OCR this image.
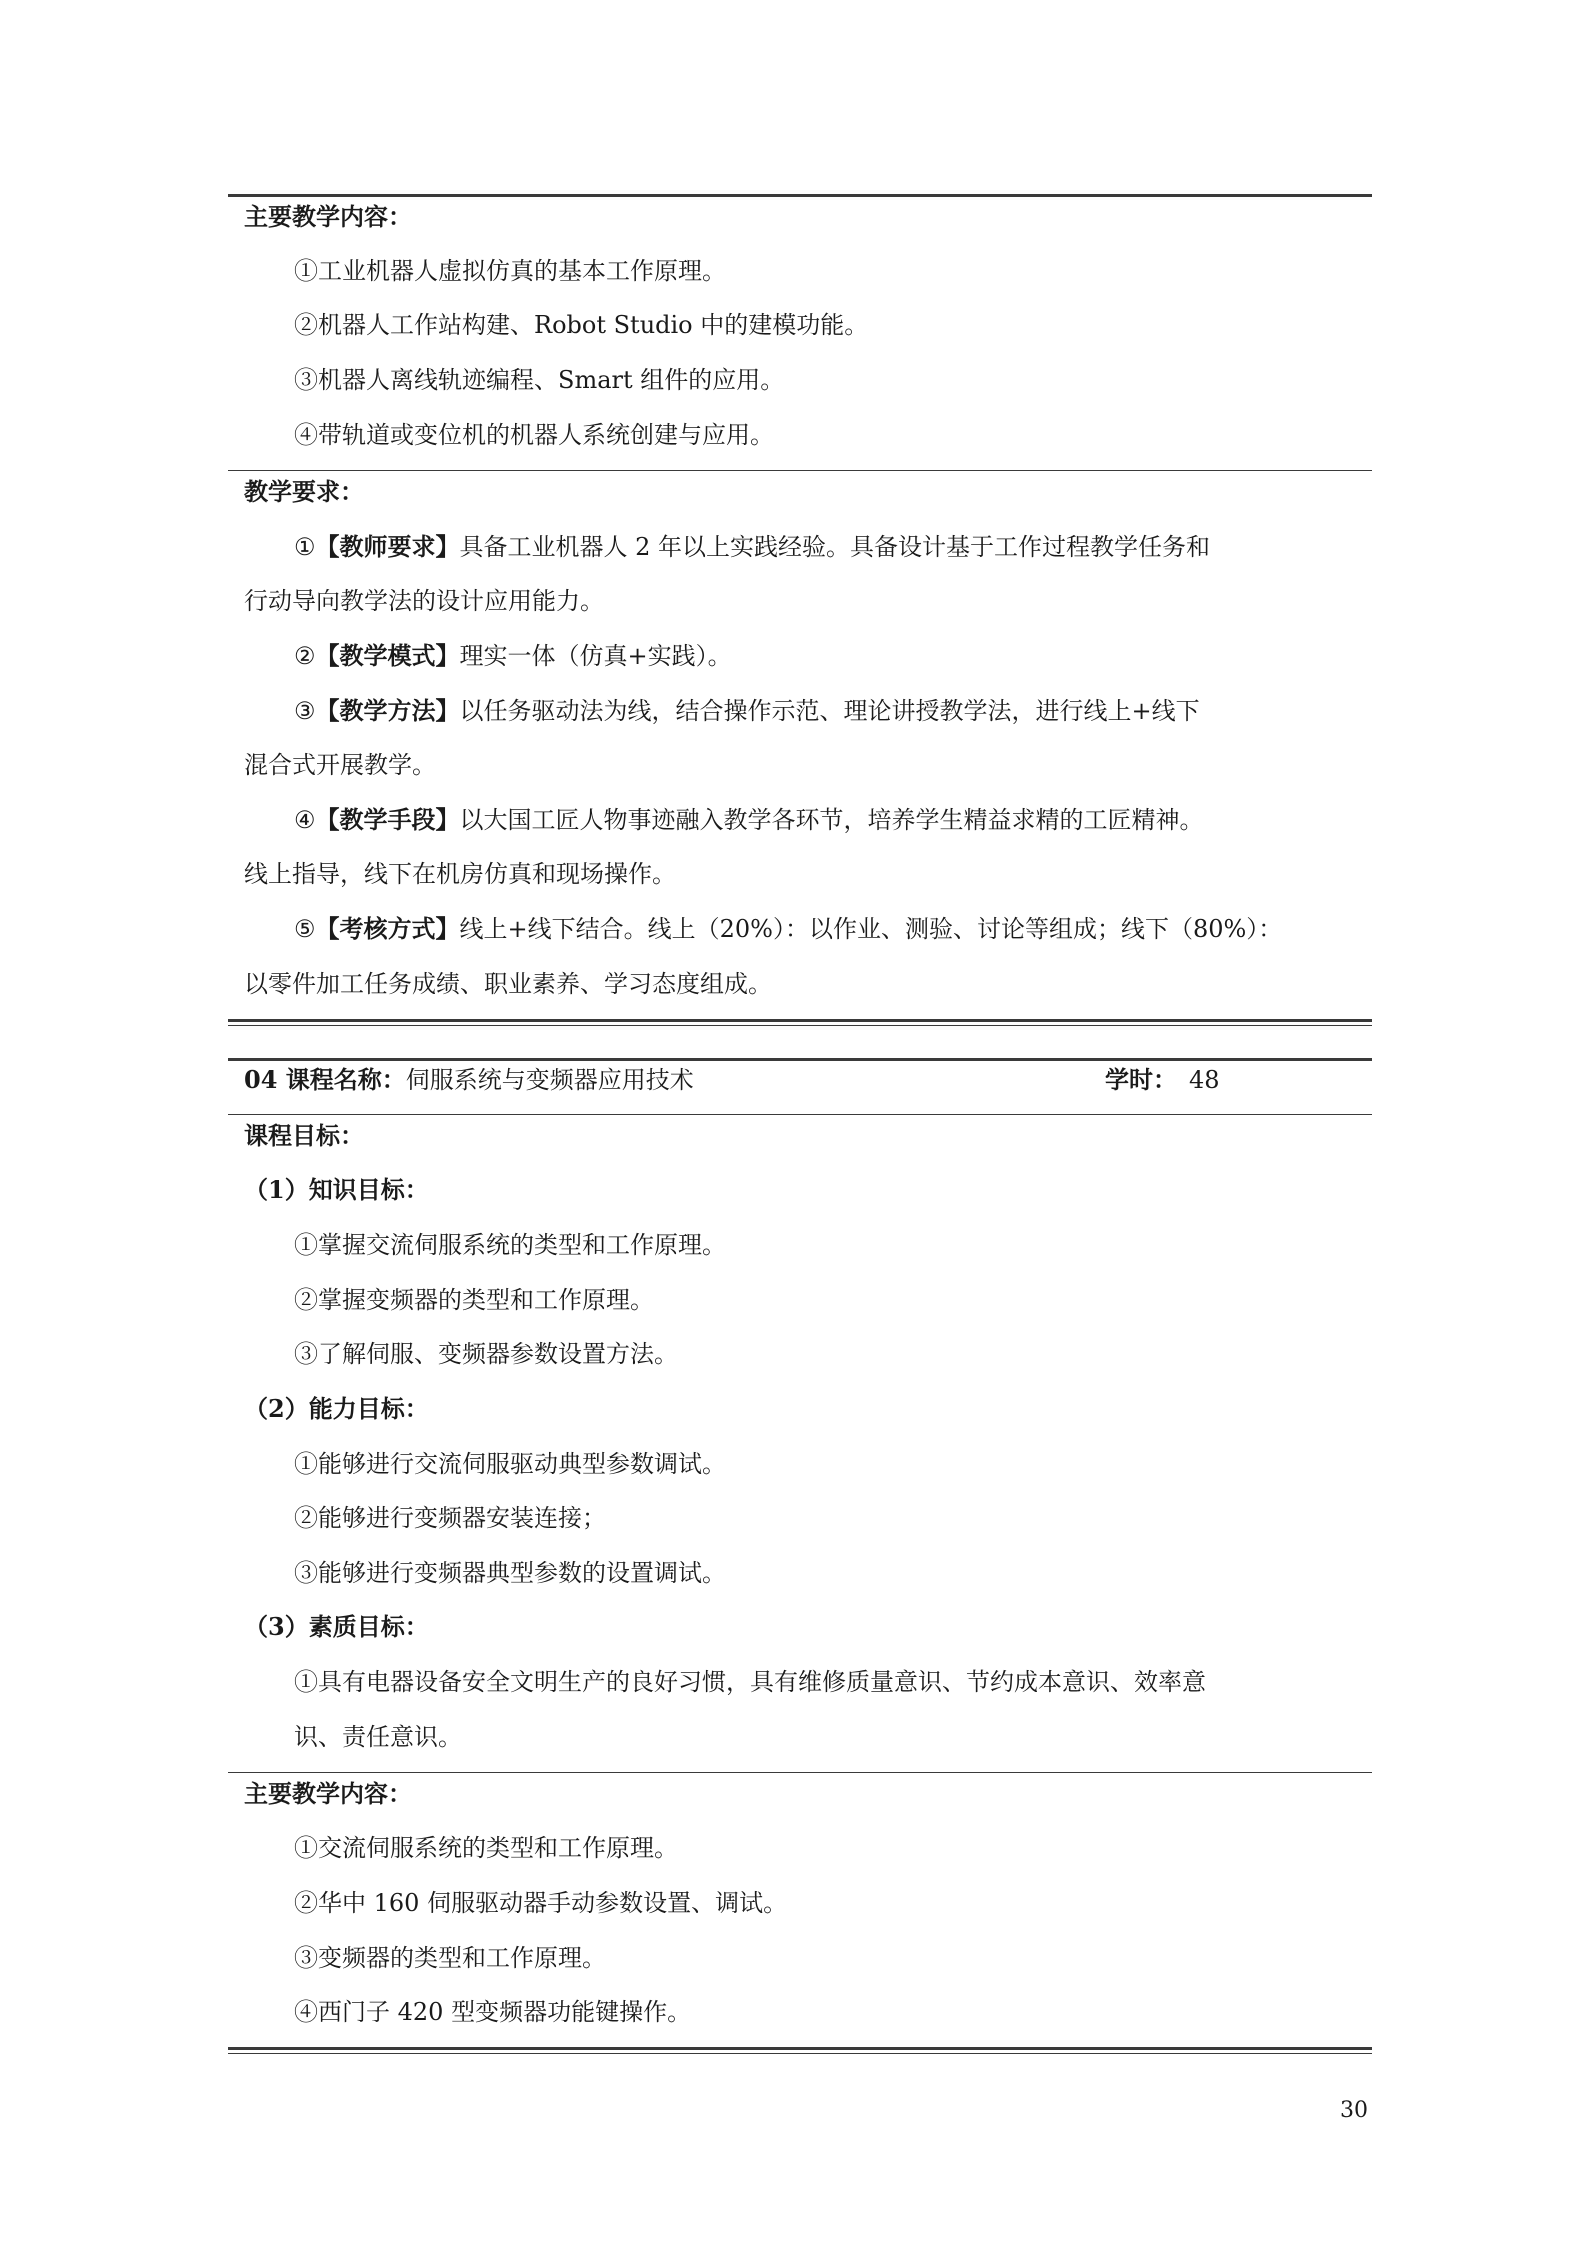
主要教学内容：
①工业机器人虚拟仿真的基本工作原理。
②机器人工作站构建、Robot Studio 中的建模功能。
③机器人离线轨迹编程、Smart 组件的应用。
④带轨道或变位机的机器人系统创建与应用。
教学要求：
①【教师要求】具备工业机器人 2 年以上实践经验。具备设计基于工作过程教学任务和
行动导向教学法的设计应用能力。
②【教学模式】理实一体（仿真+实践）。
③【教学方法】以任务驱动法为线，结合操作示范、理论讲授教学法，进行线上+线下
混合式开展教学。
④【教学手段】以大国工匠人物事迹融入教学各环节，培养学生精益求精的工匠精神。
线上指导，线下在机房仿真和现场操作。
⑤【考核方式】线上+线下结合。线上（20%）：以作业、测验、讨论等组成；线下（80%）：
以零件加工任务成绩、职业素养、学习态度组成。
04 课程名称：伺服系统与变频器应用技术	学时： 48
课程目标：
（1）知识目标：
①掌握交流伺服系统的类型和工作原理。
②掌握变频器的类型和工作原理。
③了解伺服、变频器参数设置方法。
（2）能力目标：
①能够进行交流伺服驱动典型参数调试。
②能够进行变频器安装连接；
③能够进行变频器典型参数的设置调试。
（3）素质目标：
①具有电器设备安全文明生产的良好习惯，具有维修质量意识、节约成本意识、效率意
识、责任意识。
主要教学内容：
①交流伺服系统的类型和工作原理。
②华中 160 伺服驱动器手动参数设置、调试。
③变频器的类型和工作原理。
④西门子 420 型变频器功能键操作。
30
